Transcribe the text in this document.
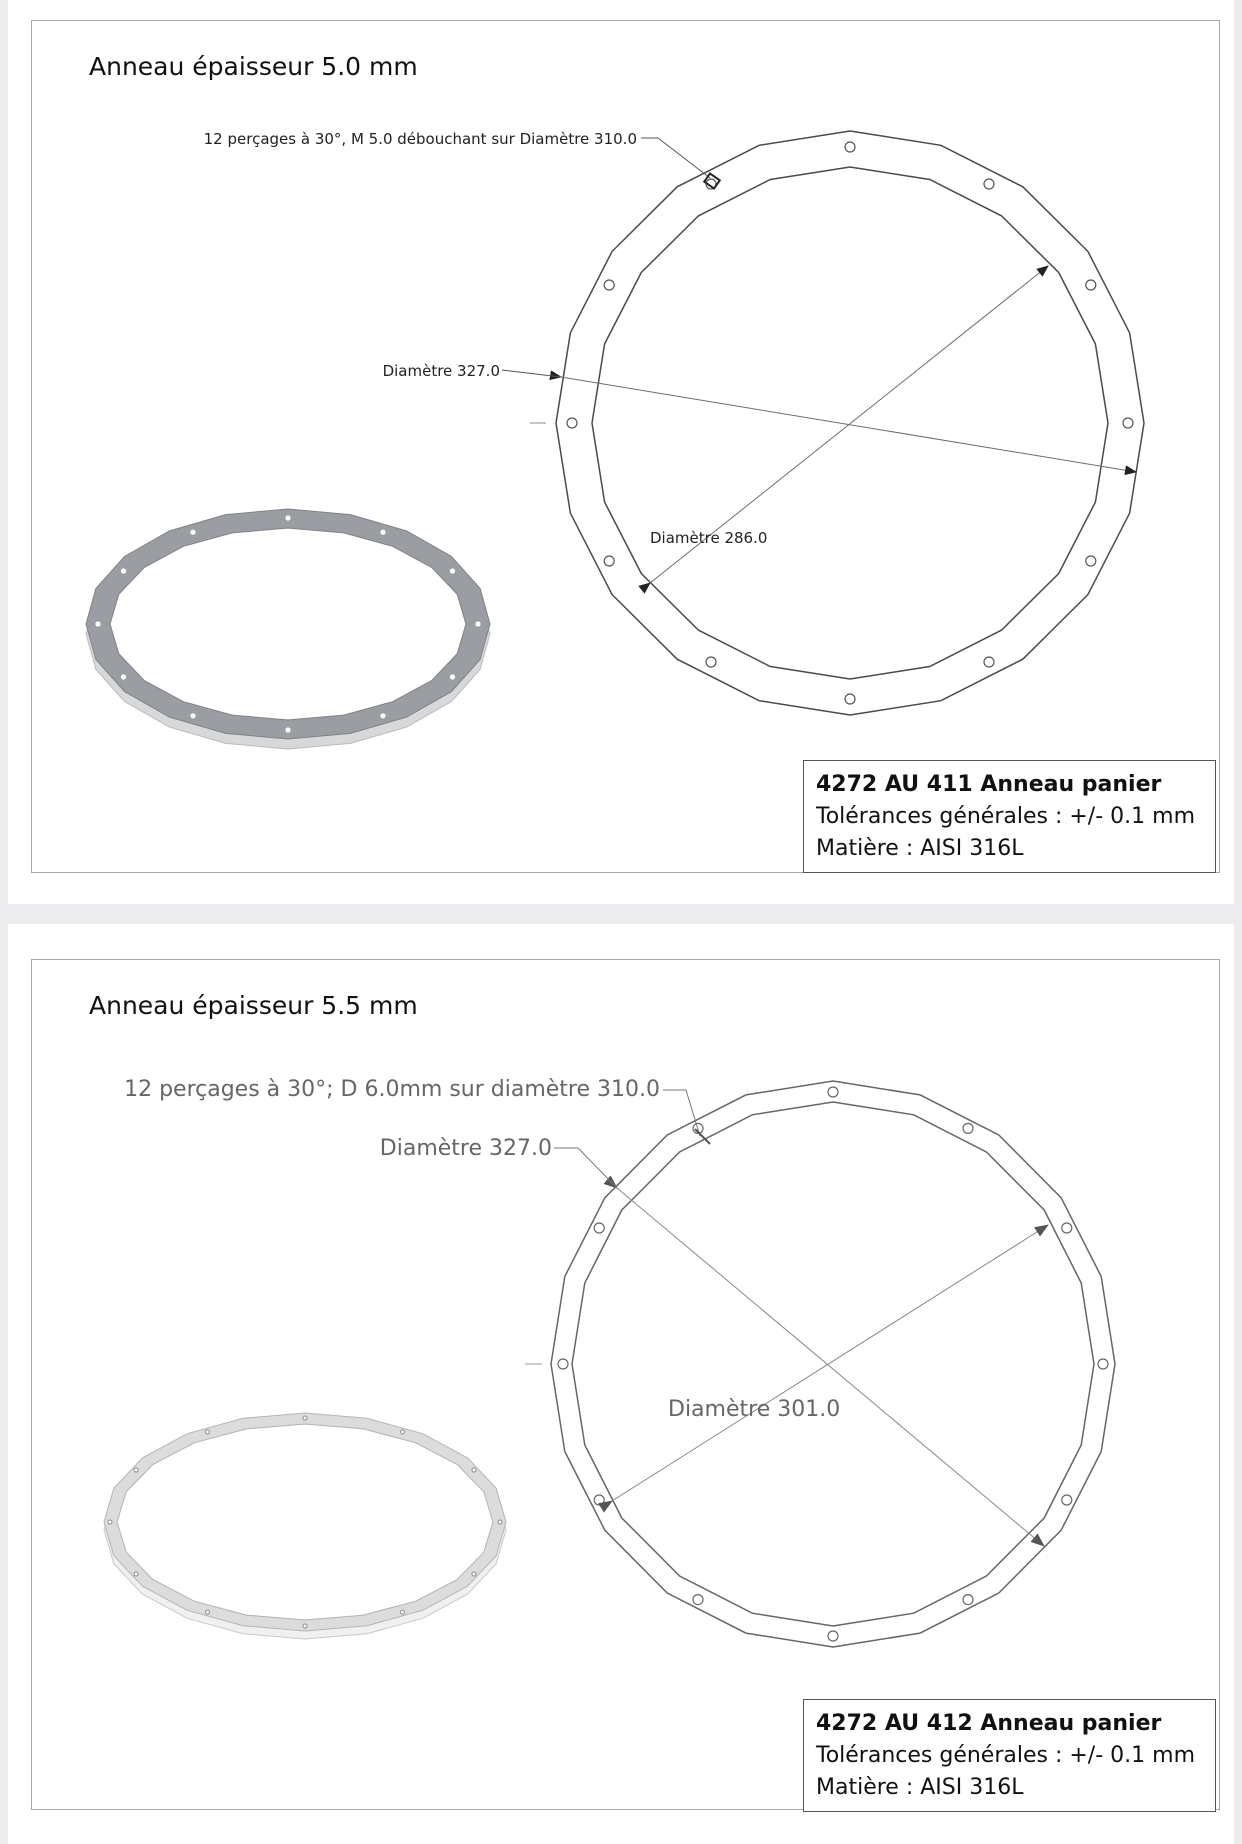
Anneau épaisseur 5.0 mm
12 perçages à 30°, M 5.0 débouchant sur Diamètre 310.0
Diamètre 327.0
Diamètre 286.0
4272 AU 411 Anneau panier
Tolérances générales : +/- 0.1 mm
Matière : AISI 316L
Anneau épaisseur 5.5 mm
12 perçages à 30°; D 6.0mm sur diamètre 310.0
Diamètre 327.0
Diamètre 301.0
4272 AU 412 Anneau panier
Tolérances générales : +/- 0.1 mm
Matière : AISI 316L
